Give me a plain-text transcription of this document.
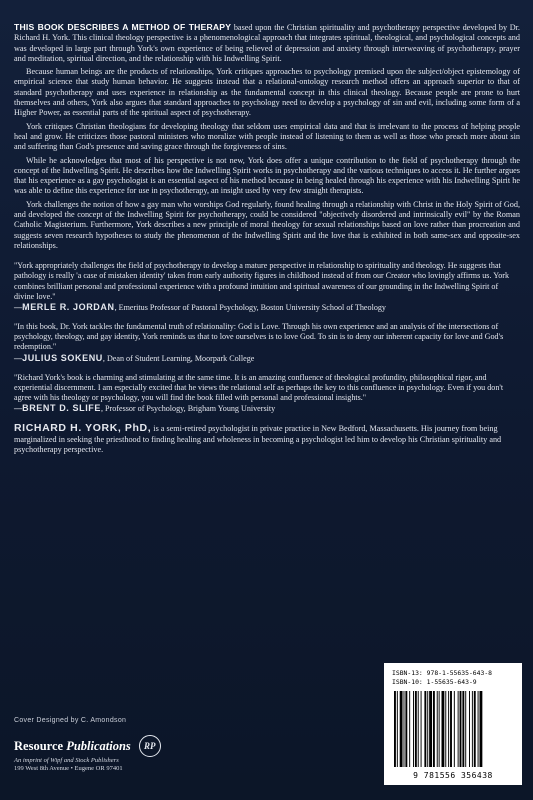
THIS BOOK DESCRIBES A METHOD OF THERAPY based upon the Christian spirituality and psychotherapy perspective developed by Dr. Richard H. York. This clinical theology perspective is a phenomenological approach that integrates spiritual, theological, and psychological concepts and was developed in large part through York's own experience of being relieved of depression and anxiety through interweaving of psychotherapy, prayer and meditation, spiritual direction, and the relationship with his Indwelling Spirit.

Because human beings are the products of relationships, York critiques approaches to psychology premised upon the subject/object epistemology of empirical science that study human behavior. He suggests instead that a relational-ontology research method offers an approach superior to that of standard psychotherapy and uses experience in relationship as the fundamental concept in this clinical theology. Because people are prone to hurt themselves and others, York also argues that standard approaches to psychology need to develop a psychology of sin and evil, including some form of a Higher Power, as essential parts of the spiritual aspect of psychotherapy.

York critiques Christian theologians for developing theology that seldom uses empirical data and that is irrelevant to the process of helping people heal and grow. He criticizes those pastoral ministers who moralize with people instead of listening to them as well as those who preach more about sin and suffering than God's presence and saving grace through the forgiveness of sins.

While he acknowledges that most of his perspective is not new, York does offer a unique contribution to the field of psychotherapy through the concept of the Indwelling Spirit. He describes how the Indwelling Spirit works in psychotherapy and the various techniques to access it. He further argues that his experience as a gay psychologist is an essential aspect of his method because in being healed through his experience with his Indwelling Spirit he was able to define this experience for use in psychotherapy, an insight used by very few straight therapists.

York challenges the notion of how a gay man who worships God regularly, found healing through a relationship with Christ in the Holy Spirit of God, and developed the concept of the Indwelling Spirit for psychotherapy, could be considered "objectively disordered and intrinsically evil" by the Roman Catholic Magisterium. Furthermore, York describes a new principle of moral theology for sexual relationships based on love rather than procreation and suggests seven research hypotheses to study the phenomenon of the Indwelling Spirit and the love that is exhibited in both same-sex and opposite-sex relationships.

"York appropriately challenges the field of psychotherapy to develop a mature perspective in relationship to spirituality and theology. He suggests that pathology is really 'a case of mistaken identity' taken from early authority figures in childhood instead of from our Creator who lovingly affirms us. York combines brilliant personal and professional experience with a profound intuition and spiritual awareness of our grounding in the Indwelling Spirit of divine love."

—MERLE R. JORDAN, Emeritus Professor of Pastoral Psychology, Boston University School of Theology

"In this book, Dr. York tackles the fundamental truth of relationality: God is Love. Through his own experience and an analysis of the intersections of psychology, theology, and gay identity, York reminds us that to love ourselves is to love God. To sin is to deny our inherent capacity for love and God's redemption."

—JULIUS SOKENU, Dean of Student Learning, Moorpark College

"Richard York's book is charming and stimulating at the same time. It is an amazing confluence of theological profundity, philosophical rigor, and experiential discernment. I am especially excited that he views the relational self as perhaps the key to this confluence in psychology. Even if you don't agree with his theology or psychology, you will find the book filled with personal and professional insights."

—BRENT D. SLIFE, Professor of Psychology, Brigham Young University

RICHARD H. YORK, PhD, is a semi-retired psychologist in private practice in New Bedford, Massachusetts. His journey from being marginalized in seeking the priesthood to finding healing and wholeness in becoming a psychologist led him to develop his Christian spirituality and psychotherapy perspective.

Cover Designed by C. Amondson
Resource Publications	RP
An imprint of Wipf and Stock Publishers
199 West 8th Avenue • Eugene OR 97401
ISBN-13: 978-1-55635-643-8
ISBN-10: 1-55635-643-9
9 781556 356438
